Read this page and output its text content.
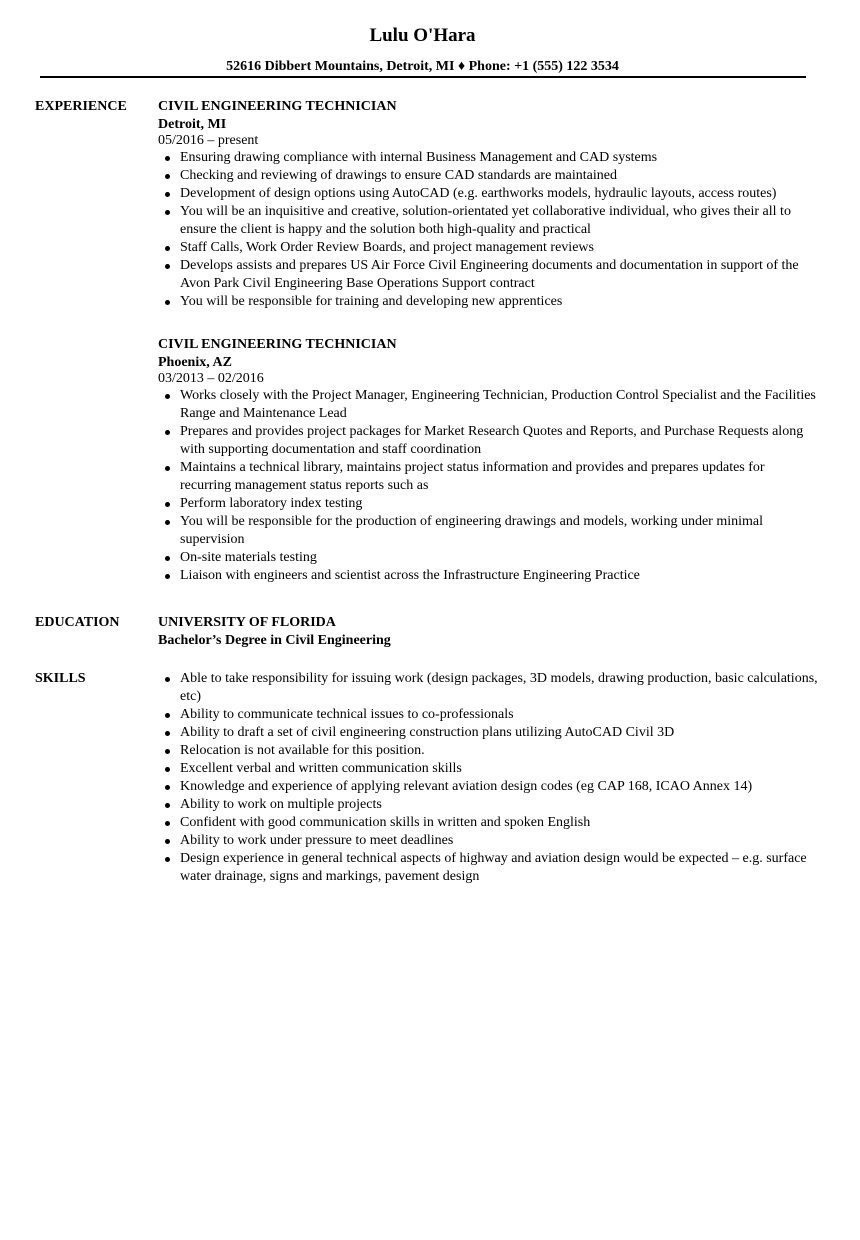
Lulu O'Hara
52616 Dibbert Mountains, Detroit, MI ♦ Phone: +1 (555) 122 3534
EXPERIENCE CIVIL ENGINEERING TECHNICIAN
Detroit, MI
05/2016 – present
Ensuring drawing compliance with internal Business Management and CAD systems
Checking and reviewing of drawings to ensure CAD standards are maintained
Development of design options using AutoCAD (e.g. earthworks models, hydraulic layouts, access routes)
You will be an inquisitive and creative, solution-orientated yet collaborative individual, who gives their all to ensure the client is happy and the solution both high-quality and practical
Staff Calls, Work Order Review Boards, and project management reviews
Develops assists and prepares US Air Force Civil Engineering documents and documentation in support of the Avon Park Civil Engineering Base Operations Support contract
You will be responsible for training and developing new apprentices
CIVIL ENGINEERING TECHNICIAN
Phoenix, AZ
03/2013 – 02/2016
Works closely with the Project Manager, Engineering Technician, Production Control Specialist and the Facilities Range and Maintenance Lead
Prepares and provides project packages for Market Research Quotes and Reports, and Purchase Requests along with supporting documentation and staff coordination
Maintains a technical library, maintains project status information and provides and prepares updates for recurring management status reports such as
Perform laboratory index testing
You will be responsible for the production of engineering drawings and models, working under minimal supervision
On-site materials testing
Liaison with engineers and scientist across the Infrastructure Engineering Practice
EDUCATION	UNIVERSITY OF FLORIDA
Bachelor’s Degree in Civil Engineering
SKILLS	Able to take responsibility for issuing work (design packages, 3D models, drawing production, basic calculations, etc)
Ability to communicate technical issues to co-professionals
Ability to draft a set of civil engineering construction plans utilizing AutoCAD Civil 3D
Relocation is not available for this position.
Excellent verbal and written communication skills
Knowledge and experience of applying relevant aviation design codes (eg CAP 168, ICAO Annex 14)
Ability to work on multiple projects
Confident with good communication skills in written and spoken English
Ability to work under pressure to meet deadlines
Design experience in general technical aspects of highway and aviation design would be expected – e.g. surface water drainage, signs and markings, pavement design
